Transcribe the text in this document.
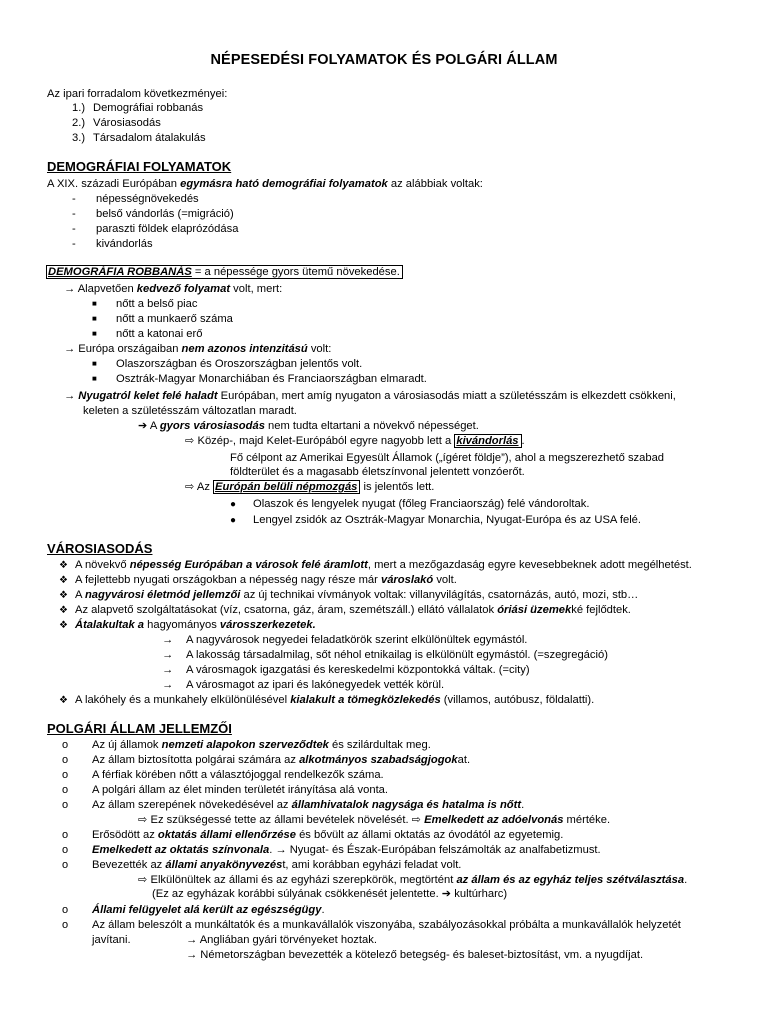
NÉPESEDÉSI FOLYAMATOK ÉS POLGÁRI ÁLLAM
Az ipari forradalom következményei:
1.) Demográfiai robbanás
2.) Városiasodás
3.) Társadalom átalakulás
DEMOGRÁFIAI FOLYAMATOK
A XIX. századi Európában egymásra ható demográfiai folyamatok az alábbiak voltak:
- népességnövekedés
- belső vándorlás (=migráció)
- paraszti földek elaprózódása
- kivándorlás
DEMOGRÁFIA ROBBANÁS = a népessége gyors ütemű növekedése.
→ Alapvetően kedvező folyamat volt, mert:
■ nőtt a belső piac
■ nőtt a munkaerő száma
■ nőtt a katonai erő
→ Európa országaiban nem azonos intenzitású volt:
■ Olaszországban és Oroszországban jelentős volt.
■ Osztrák-Magyar Monarchiában és Franciaországban elmaradt.
→ Nyugatról kelet felé haladt Európában, mert amíg nyugaton a városiasodás miatt a születésszám is elkezdett csökkeni,
keleten a születésszám változatlan maradt.
➔ A gyors városiasodás nem tudta eltartani a növekvő népességet.
⇨ Közép-, majd Kelet-Európából egyre nagyobb lett a kivándorlás .
Fő célpont az Amerikai Egyesült Államok („ígéret földje”), ahol a megszerezhető szabad
földterület és a magasabb életszínvonal jelentett vonzóerőt.
⇨ Az Európán belüli népmozgás is jelentős lett.
● Olaszok és lengyelek nyugat (főleg Franciaország) felé vándoroltak.
● Lengyel zsidók az Osztrák-Magyar Monarchia, Nyugat-Európa és az USA felé.
VÁROSIASODÁS
❖ A növekvő népesség Európában a városok felé áramlott, mert a mezőgazdaság egyre kevesebbeknek adott megélhetést.
❖ A fejlettebb nyugati országokban a népesség nagy része már városlakó volt.
❖ A nagyvárosi életmód jellemzői az új technikai vívmányok voltak: villanyvilágítás, csatornázás, autó, mozi, stb…
❖ Az alapvető szolgáltatásokat (víz, csatorna, gáz, áram, szemétszáll.) ellátó vállalatok óriási üzemekké fejlődtek.
❖ Átalakultak a hagyományos városszerkezetek.
→ A nagyvárosok negyedei feladatkörök szerint elkülönültek egymástól.
→ A lakosság társadalmilag, sőt néhol etnikailag is elkülönült egymástól. (=szegregáció)
→ A városmagok igazgatási és kereskedelmi központokká váltak. (=city)
→ A városmagot az ipari és lakónegyedek vették körül.
❖ A lakóhely és a munkahely elkülönülésével kialakult a tömegközlekedés (villamos, autóbusz, földalatti).
POLGÁRI ÁLLAM JELLEMZŐI
o Az új államok nemzeti alapokon szerveződtek és szilárdultak meg.
o Az állam biztosította polgárai számára az alkotmányos szabadságjogokat.
o A férfiak körében nőtt a választójoggal rendelkezők száma.
o A polgári állam az élet minden területét irányítása alá vonta.
o Az állam szerepének növekedésével az államhivatalok nagysága és hatalma is nőtt.
⇨ Ez szükségessé tette az állami bevételek növelését. ⇨ Emelkedett az adóelvonás mértéke.
o Erősödött az oktatás állami ellenőrzése és bővült az állami oktatás az óvodától az egyetemig.
o Emelkedett az oktatás színvonala. → Nyugat- és Észak-Európában felszámolták az analfabetizmust.
o Bevezették az állami anyakönyvezést, ami korábban egyházi feladat volt.
⇨ Elkülönültek az állami és az egyházi szerepkörök, megtörtént az állam és az egyház teljes szétválasztása.
(Ez az egyházak korábbi súlyának csökkenését jelentette. ➔ kultúrharc)
o Állami felügyelet alá került az egészségügy.
o Az állam beleszólt a munkáltatók és a munkavállalók viszonyába, szabályozásokkal próbálta a munkavállalók helyzetét
javítani.	→ Angliában gyári törvényeket hoztak.
→ Németországban bevezették a kötelező betegség- és baleset-biztosítást, vm. a nyugdíjat.
